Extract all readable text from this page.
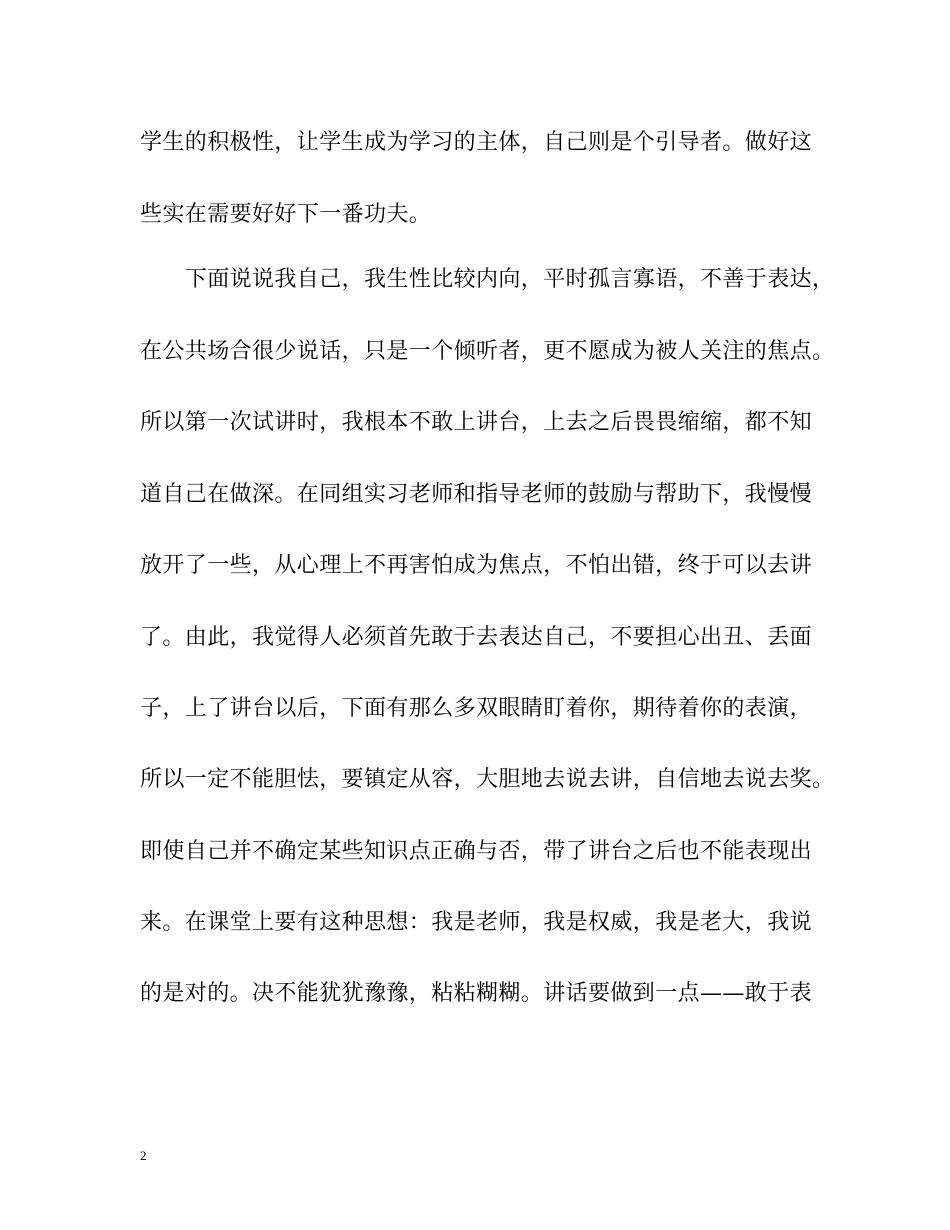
学生的积极性，让学生成为学习的主体，自己则是个引导者。做好这
些实在需要好好下一番功夫。
　　下面说说我自己，我生性比较内向，平时孤言寡语，不善于表达，
在公共场合很少说话，只是一个倾听者，更不愿成为被人关注的焦点。
所以第一次试讲时，我根本不敢上讲台，上去之后畏畏缩缩，都不知
道自己在做深。在同组实习老师和指导老师的鼓励与帮助下，我慢慢
放开了一些，从心理上不再害怕成为焦点，不怕出错，终于可以去讲
了。由此，我觉得人必须首先敢于去表达自己，不要担心出丑、丢面
子，上了讲台以后，下面有那么多双眼睛盯着你，期待着你的表演，
所以一定不能胆怯，要镇定从容，大胆地去说去讲，自信地去说去奖。
即使自己并不确定某些知识点正确与否，带了讲台之后也不能表现出
来。在课堂上要有这种思想：我是老师，我是权威，我是老大，我说
的是对的。决不能犹犹豫豫，粘粘糊糊。讲话要做到一点——敢于表
2
